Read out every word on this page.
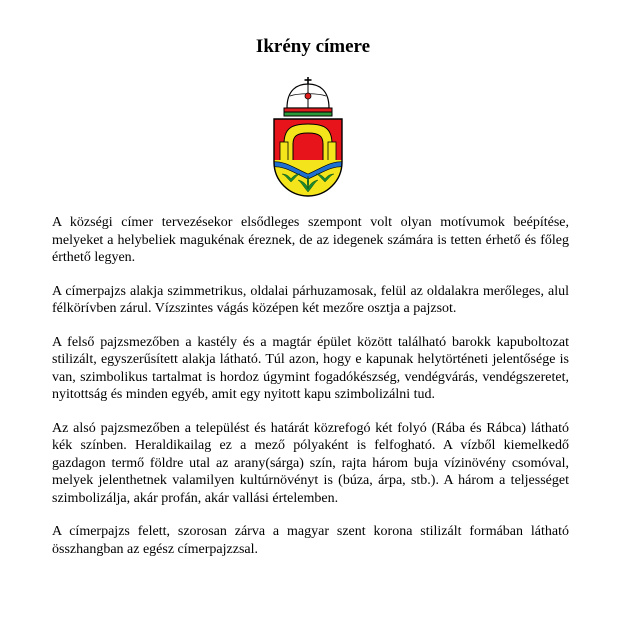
Ikrény címere

A községi címer tervezésekor elsődleges szempont volt olyan motívumok beépítése, melyeket a helybeliek magukénak éreznek, de az idegenek számára is tetten érhető és főleg érthető legyen.

A címerpajzs alakja szimmetrikus, oldalai párhuzamosak, felül az oldalakra merőleges, alul félkörívben zárul. Vízszintes vágás középen két mezőre osztja a pajzsot.

A felső pajzsmezőben a kastély és a magtár épület között található barokk kapuboltozat stilizált, egyszerűsített alakja látható. Túl azon, hogy e kapunak helytörténeti jelentősége is van, szimbolikus tartalmat is hordoz úgymint fogadókészség, vendégvárás, vendégszeretet, nyitottság és minden egyéb, amit egy nyitott kapu szimbolizálni tud.

Az alsó pajzsmezőben a települést és határát közrefogó két folyó (Rába és Rábca) látható kék színben. Heraldikailag ez a mező pólyaként is felfogható. A vízből kiemelkedő gazdagon termő földre utal az arany(sárga) szín, rajta három buja vízinövény csomóval, melyek jelenthetnek valamilyen kultúrnövényt is (búza, árpa, stb.). A három a teljességet szimbolizálja, akár profán, akár vallási értelemben.

A címerpajzs felett, szorosan zárva a magyar szent korona stilizált formában látható összhangban az egész címerpajzzsal.
